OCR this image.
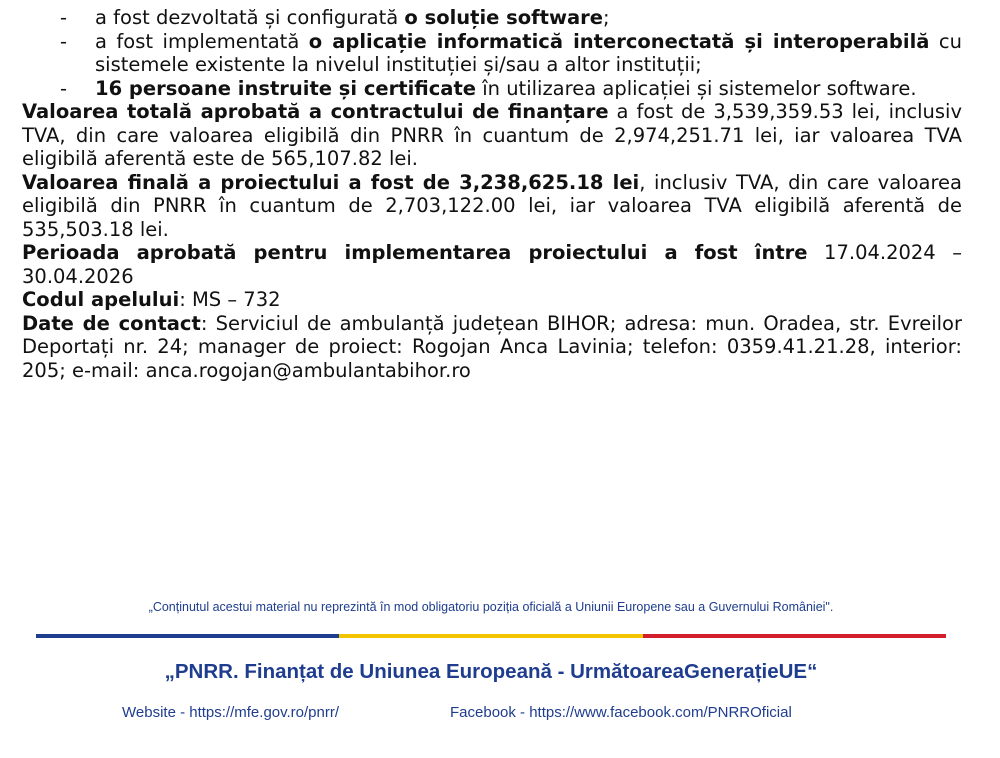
- a fost dezvoltată și configurată o soluție software;
- a fost implementată o aplicație informatică interconectată și interoperabilă cu sistemele existente la nivelul instituției și/sau a altor instituții;
- 16 persoane instruite și certificate în utilizarea aplicației și sistemelor software.

Valoarea totală aprobată a contractului de finanțare a fost de 3,539,359.53 lei, inclusiv TVA, din care valoarea eligibilă din PNRR în cuantum de 2,974,251.71 lei, iar valoarea TVA eligibilă aferentă este de 565,107.82 lei.

Valoarea finală a proiectului a fost de 3,238,625.18 lei, inclusiv TVA, din care valoarea eligibilă din PNRR în cuantum de 2,703,122.00 lei, iar valoarea TVA eligibilă aferentă de 535,503.18 lei.

Perioada aprobată pentru implementarea proiectului a fost între 17.04.2024 – 30.04.2026

Codul apelului: MS – 732

Date de contact: Serviciul de ambulanță județean BIHOR; adresa: mun. Oradea, str. Evreilor Deportați nr. 24; manager de proiect: Rogojan Anca Lavinia; telefon: 0359.41.21.28, interior: 205; e-mail: anca.rogojan@ambulantabihor.ro

„Conținutul acestui material nu reprezintă în mod obligatoriu poziția oficială a Uniunii Europene sau a Guvernului României".
„PNRR. Finanțat de Uniunea Europeană - UrmătoareaGenerațieUE“
Website - https://mfe.gov.ro/pnrr/	Facebook - https://www.facebook.com/PNRROficial
